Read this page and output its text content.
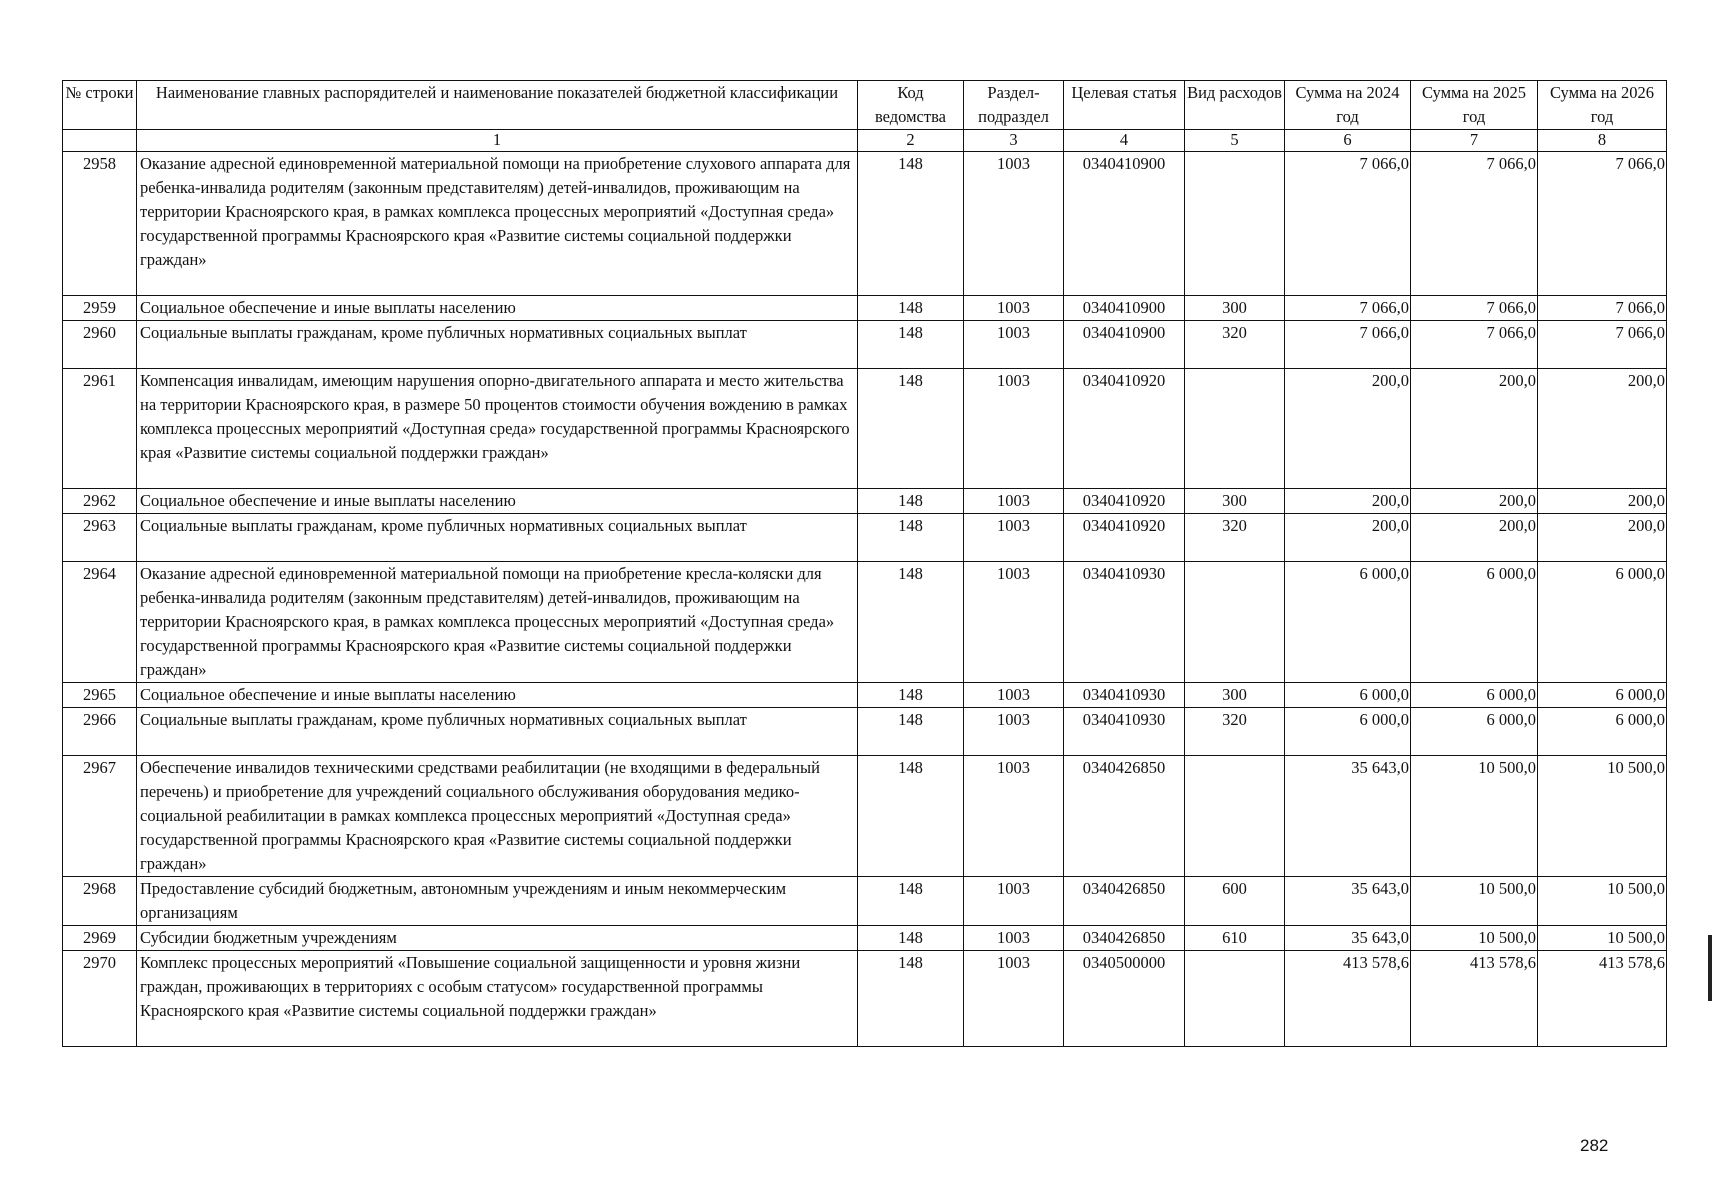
№ строки	Наименование главных распорядителей и наименование показателей бюджетной классификации	Код ведомства	Раздел-подраздел	Целевая статья	Вид расходов	Сумма на 2024 год	Сумма на 2025 год	Сумма на 2026 год
	1	2	3	4	5	6	7	8
2958	Оказание адресной единовременной материальной помощи на приобретение слухового аппарата для ребенка-инвалида родителям (законным представителям) детей-инвалидов, проживающим на территории Красноярского края, в рамках комплекса процессных мероприятий «Доступная среда» государственной программы Красноярского края «Развитие системы социальной поддержки граждан»	148	1003	0340410900		7 066,0	7 066,0	7 066,0
2959	Социальное обеспечение и иные выплаты населению	148	1003	0340410900	300	7 066,0	7 066,0	7 066,0
2960	Социальные выплаты гражданам, кроме публичных нормативных социальных выплат	148	1003	0340410900	320	7 066,0	7 066,0	7 066,0
2961	Компенсация инвалидам, имеющим нарушения опорно-двигательного аппарата и место жительства на территории Красноярского края, в размере 50 процентов стоимости обучения вождению в рамках комплекса процессных мероприятий «Доступная среда» государственной программы Красноярского края «Развитие системы социальной поддержки граждан»	148	1003	0340410920		200,0	200,0	200,0
2962	Социальное обеспечение и иные выплаты населению	148	1003	0340410920	300	200,0	200,0	200,0
2963	Социальные выплаты гражданам, кроме публичных нормативных социальных выплат	148	1003	0340410920	320	200,0	200,0	200,0
2964	Оказание адресной единовременной материальной помощи на приобретение кресла-коляски для ребенка-инвалида родителям (законным представителям) детей-инвалидов, проживающим на территории Красноярского края, в рамках комплекса процессных мероприятий «Доступная среда» государственной программы Красноярского края «Развитие системы социальной поддержки граждан»	148	1003	0340410930		6 000,0	6 000,0	6 000,0
2965	Социальное обеспечение и иные выплаты населению	148	1003	0340410930	300	6 000,0	6 000,0	6 000,0
2966	Социальные выплаты гражданам, кроме публичных нормативных социальных выплат	148	1003	0340410930	320	6 000,0	6 000,0	6 000,0
2967	Обеспечение инвалидов техническими средствами реабилитации (не входящими в федеральный перечень) и приобретение для учреждений социального обслуживания оборудования медико-социальной реабилитации в рамках комплекса процессных мероприятий «Доступная среда» государственной программы Красноярского края «Развитие системы социальной поддержки граждан»	148	1003	0340426850		35 643,0	10 500,0	10 500,0
2968	Предоставление субсидий бюджетным, автономным учреждениям и иным некоммерческим организациям	148	1003	0340426850	600	35 643,0	10 500,0	10 500,0
2969	Субсидии бюджетным учреждениям	148	1003	0340426850	610	35 643,0	10 500,0	10 500,0
2970	Комплекс процессных мероприятий «Повышение социальной защищенности и уровня жизни граждан, проживающих в территориях с особым статусом» государственной программы Красноярского края «Развитие системы социальной поддержки граждан»	148	1003	0340500000		413 578,6	413 578,6	413 578,6
282
